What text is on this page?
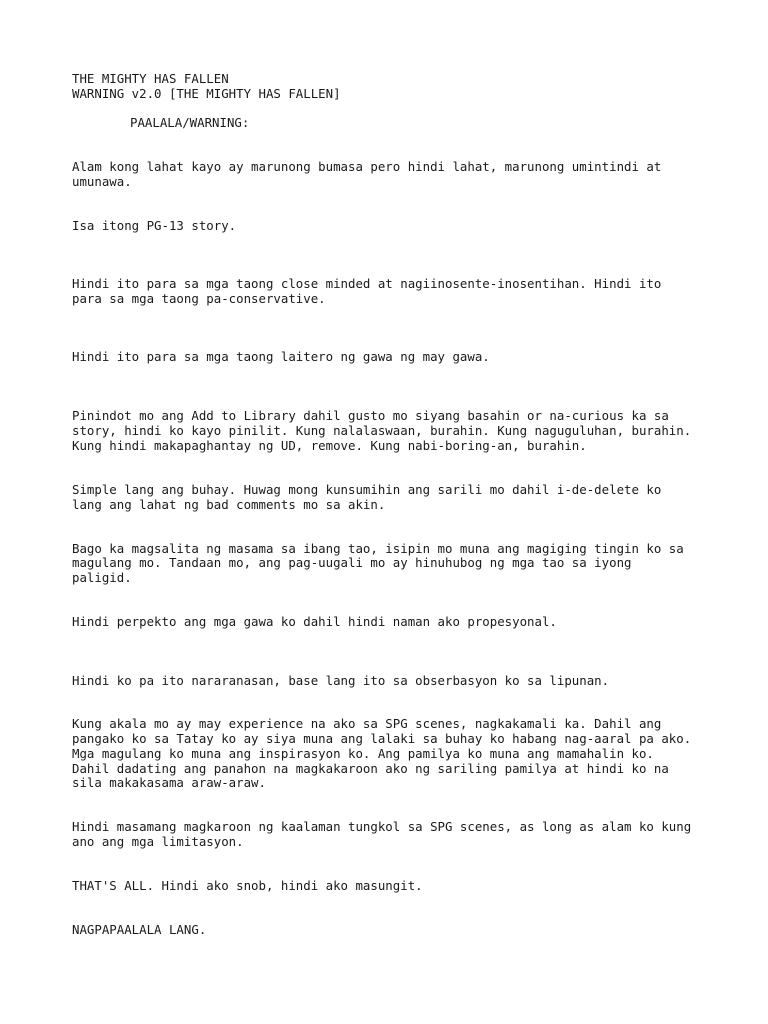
THE MIGHTY HAS FALLEN
WARNING v2.0 [THE MIGHTY HAS FALLEN]
PAALALA/WARNING:
Alam kong lahat kayo ay marunong bumasa pero hindi lahat, marunong umintindi at
umunawa.
Isa itong PG-13 story.
Hindi ito para sa mga taong close minded at nagiinosente-inosentihan. Hindi ito
para sa mga taong pa-conservative.
Hindi ito para sa mga taong laitero ng gawa ng may gawa.
Pinindot mo ang Add to Library dahil gusto mo siyang basahin or na-curious ka sa
story, hindi ko kayo pinilit. Kung nalalaswaan, burahin. Kung naguguluhan, burahin.
Kung hindi makapaghantay ng UD, remove. Kung nabi-boring-an, burahin.
Simple lang ang buhay. Huwag mong kunsumihin ang sarili mo dahil i-de-delete ko
lang ang lahat ng bad comments mo sa akin.
Bago ka magsalita ng masama sa ibang tao, isipin mo muna ang magiging tingin ko sa
magulang mo. Tandaan mo, ang pag-uugali mo ay hinuhubog ng mga tao sa iyong
paligid.
Hindi perpekto ang mga gawa ko dahil hindi naman ako propesyonal.
Hindi ko pa ito nararanasan, base lang ito sa obserbasyon ko sa lipunan.
Kung akala mo ay may experience na ako sa SPG scenes, nagkakamali ka. Dahil ang
pangako ko sa Tatay ko ay siya muna ang lalaki sa buhay ko habang nag-aaral pa ako.
Mga magulang ko muna ang inspirasyon ko. Ang pamilya ko muna ang mamahalin ko.
Dahil dadating ang panahon na magkakaroon ako ng sariling pamilya at hindi ko na
sila makakasama araw-araw.
Hindi masamang magkaroon ng kaalaman tungkol sa SPG scenes, as long as alam ko kung
ano ang mga limitasyon.
THAT'S ALL. Hindi ako snob, hindi ako masungit.
NAGPAPAALALA LANG.
